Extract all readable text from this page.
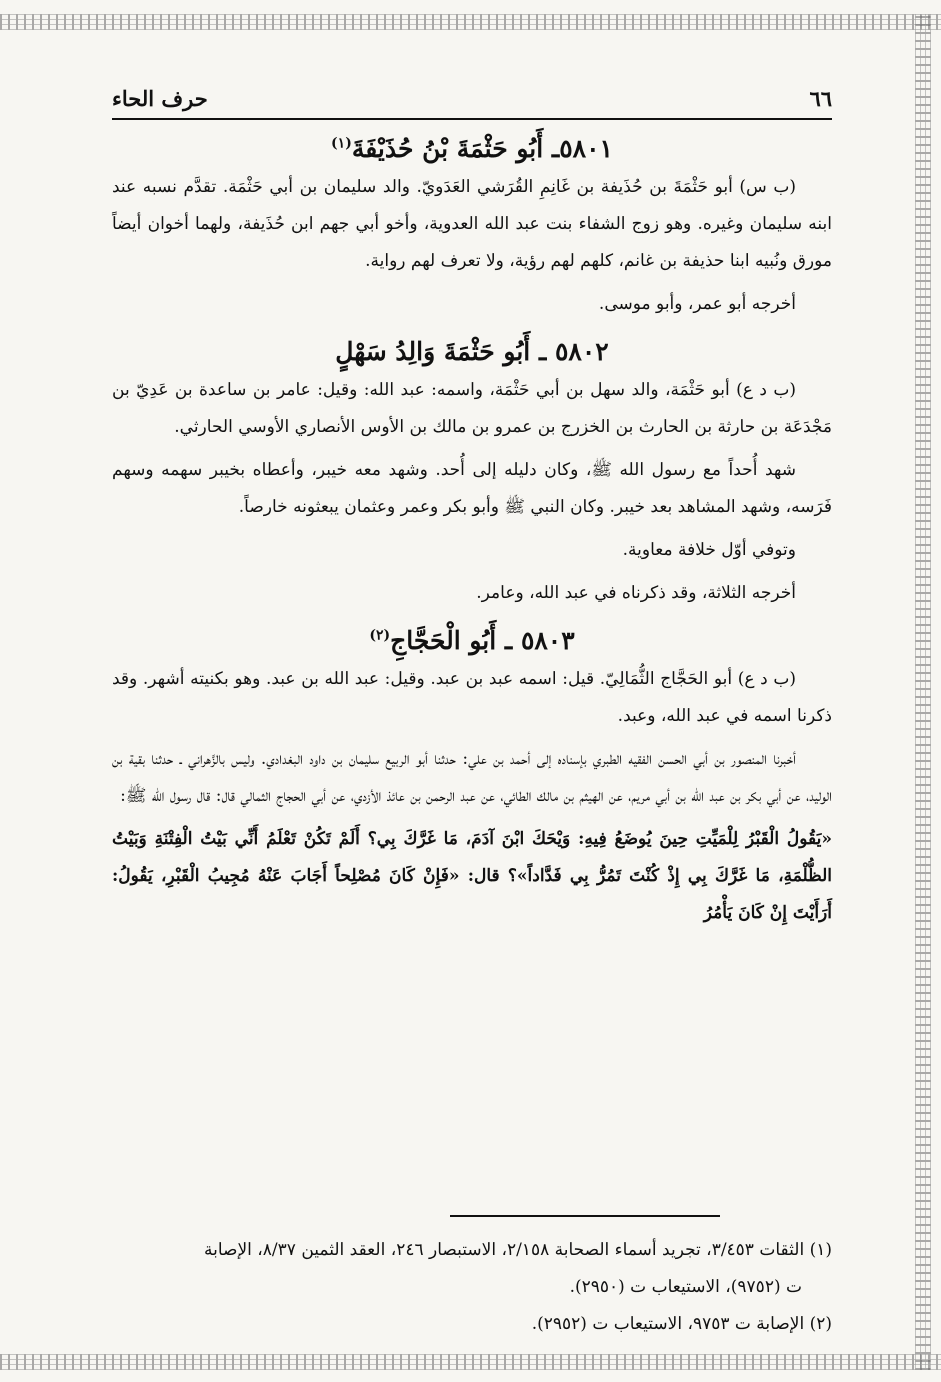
٦٦
حرف الحاء
٥٨٠١ـ أَبُو حَثْمَةَ بْنُ حُذَيْفَةَ$^{(١)}$

(ب س) أبو حَثْمَةَ بن حُذَيفة بن غَانِمِ القُرَشي العَدَويّ. والد سليمان بن أبي حَثْمَة. تقدَّم نسبه عند ابنه سليمان وغيره. وهو زوج الشفاء بنت عبد الله العدوية، وأخو أبي جهم ابن حُذَيفة، ولهما أخوان أيضاً مورق ونُبيه ابنا حذيفة بن غانم، كلهم لهم رؤية، ولا تعرف لهم رواية.

أخرجه أبو عمر، وأبو موسى.

٥٨٠٢ ـ أَبُو حَثْمَةَ وَالِدُ سَهْلٍ

(ب د ع) أبو حَثْمَة، والد سهل بن أبي حَثْمَة، واسمه: عبد الله: وقيل: عامر بن ساعدة بن عَدِيّ بن مَجْدَعَة بن حارثة بن الحارث بن الخزرج بن عمرو بن مالك بن الأوس الأنصاري الأوسي الحارثي.

شهد أُحداً مع رسول الله ﷺ، وكان دليله إلى أُحد. وشهد معه خيبر، وأعطاه بخيبر سهمه وسهم فَرَسه، وشهد المشاهد بعد خيبر. وكان النبي ﷺ وأبو بكر وعمر وعثمان يبعثونه خارصاً.

وتوفي أوّل خلافة معاوية.

أخرجه الثلاثة، وقد ذكرناه في عبد الله، وعامر.

٥٨٠٣ ـ أَبُو الْحَجَّاجِ$^{(٢)}$

(ب د ع) أبو الحَجَّاج الثُّمَالِيّ. قيل: اسمه عبد بن عبد. وقيل: عبد الله بن عبد. وهو بكنيته أشهر. وقد ذكرنا اسمه في عبد الله، وعبد.

أخبرنا المنصور بن أبي الحسن الفقيه الطبري بإسناده إلى أحمد بن علي: حدثنا أبو الربيع سليمان بن داود البغدادي. وليس بالزَّهراني ـ حدثنا بقية بن الوليد، عن أبي بكر بن عبد الله بن أبي مريم، عن الهيثم بن مالك الطائي، عن عبد الرحمن بن عائذ الأزدي، عن أبي الحجاج الثمالي قال: قال رسول الله ﷺ:

«يَقُولُ الْقَبْرُ لِلْمَيِّتِ حِينَ يُوضَعُ فِيهِ: وَيْحَكَ ابْنَ آدَمَ، مَا غَرَّكَ بِي؟ أَلَمْ تَكُنْ تَعْلَمُ أَنِّي بَيْتُ الْفِتْنَةِ وَبَيْتُ الظُّلْمَةِ، مَا غَرَّكَ بِي إِذْ كُنْتَ تَمُرُّ بِي فَدَّاداً»؟ قال: «فَإِنْ كَانَ مُصْلِحاً أَجَابَ عَنْهُ مُجِيبُ الْقَبْرِ، يَقُولُ: أَرَأَيْتَ إِنْ كَانَ يَأْمُرُ

(١) الثقات ٣/٤٥٣، تجريد أسماء الصحابة ٢/١٥٨، الاستبصار ٢٤٦، العقد الثمين ٨/٣٧، الإصابة

ت (٩٧٥٢)، الاستيعاب ت (٢٩٥٠).

(٢) الإصابة ت ٩٧٥٣، الاستيعاب ت (٢٩٥٢).
